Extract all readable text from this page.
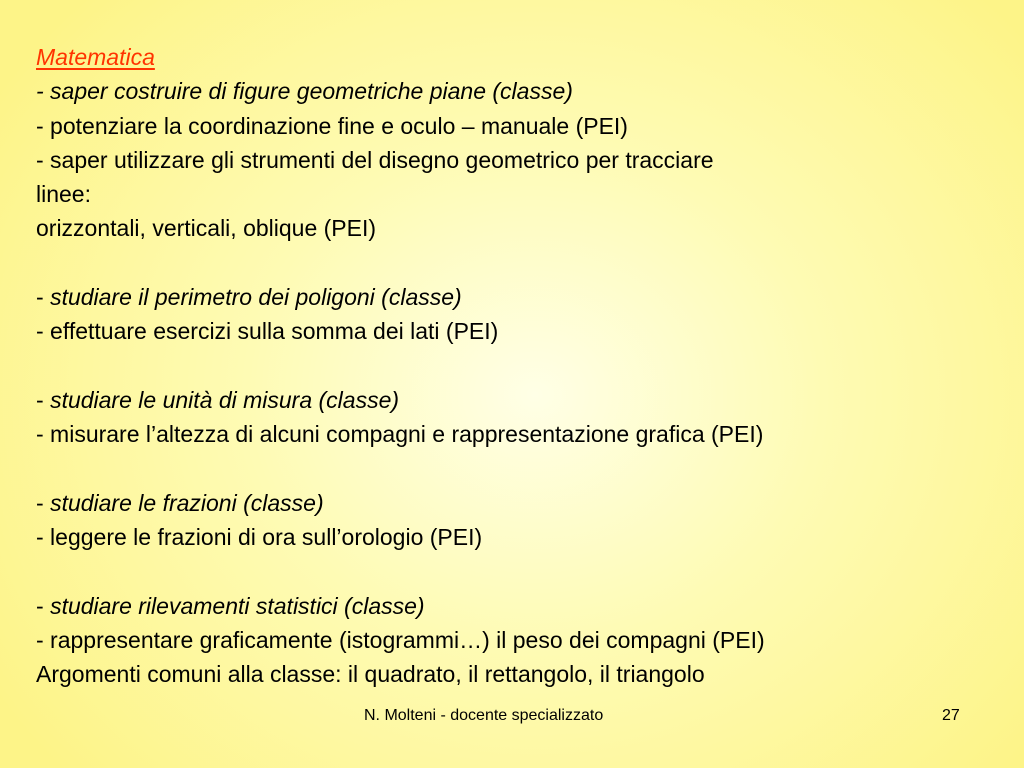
Matematica
- saper costruire di figure geometriche piane (classe)
- potenziare la coordinazione fine e oculo – manuale (PEI)
- saper utilizzare gli strumenti del disegno geometrico per tracciare
linee:
orizzontali, verticali, oblique (PEI)
- studiare il perimetro dei poligoni (classe)
- effettuare esercizi sulla somma dei lati (PEI)
- studiare le unità di misura (classe)
- misurare l’altezza di alcuni compagni e rappresentazione grafica (PEI)
- studiare le frazioni (classe)
- leggere le frazioni di ora sull’orologio (PEI)
- studiare rilevamenti statistici (classe)
- rappresentare graficamente (istogrammi…) il peso dei compagni (PEI)
Argomenti comuni alla classe: il quadrato, il rettangolo, il triangolo
N. Molteni - docente specializzato	27
